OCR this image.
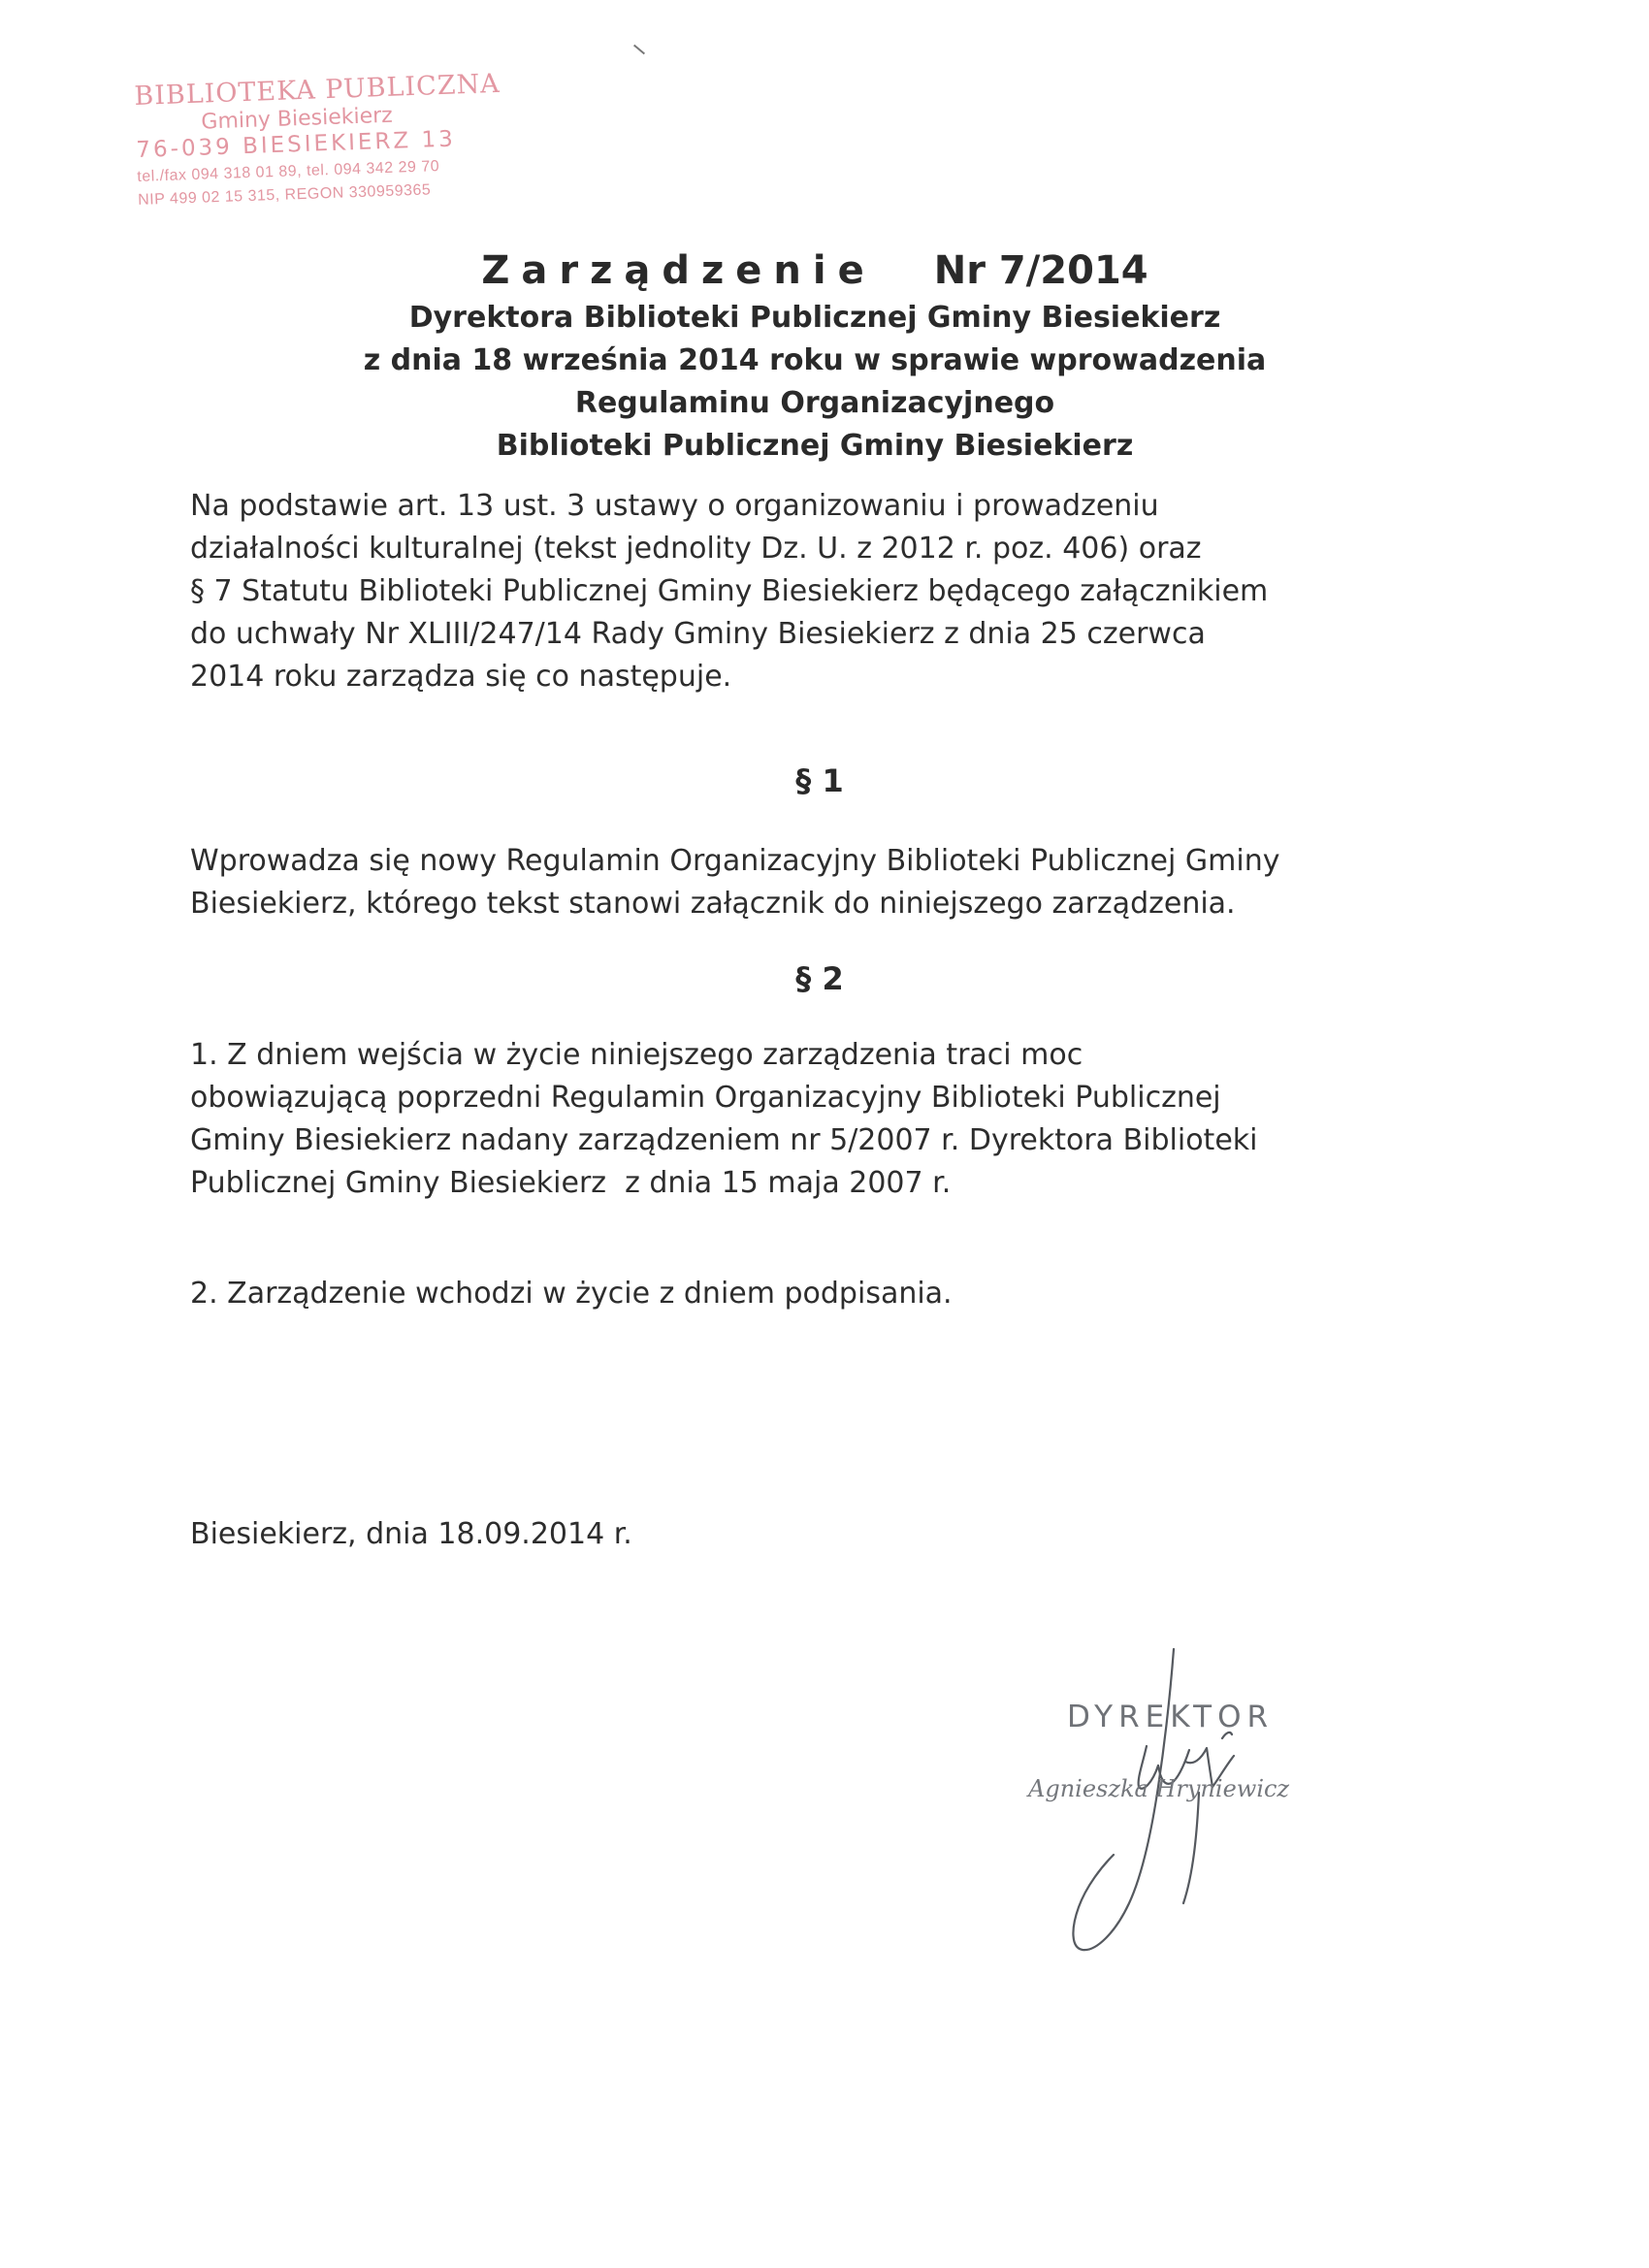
BIBLIOTEKA PUBLICZNA
Gminy Biesiekierz
76-039 BIESIEKIERZ 13
tel./fax 094 318 01 89, tel. 094 342 29 70
NIP 499 02 15 315, REGON 330959365
Zarządzenie Nr 7/2014
Dyrektora Biblioteki Publicznej Gminy Biesiekierz
z dnia 18 września 2014 roku w sprawie wprowadzenia
Regulaminu Organizacyjnego
Biblioteki Publicznej Gminy Biesiekierz
Na podstawie art. 13 ust. 3 ustawy o organizowaniu i prowadzeniu
działalności kulturalnej (tekst jednolity Dz. U. z 2012 r. poz. 406) oraz
§ 7 Statutu Biblioteki Publicznej Gminy Biesiekierz będącego załącznikiem
do uchwały Nr XLIII/247/14 Rady Gminy Biesiekierz z dnia 25 czerwca
2014 roku zarządza się co następuje.
§ 1
Wprowadza się nowy Regulamin Organizacyjny Biblioteki Publicznej Gminy
Biesiekierz, którego tekst stanowi załącznik do niniejszego zarządzenia.
§ 2
1. Z dniem wejścia w życie niniejszego zarządzenia traci moc
obowiązującą poprzedni Regulamin Organizacyjny Biblioteki Publicznej
Gminy Biesiekierz nadany zarządzeniem nr 5/2007 r. Dyrektora Biblioteki
Publicznej Gminy Biesiekierz  z dnia 15 maja 2007 r.
2. Zarządzenie wchodzi w życie z dniem podpisania.
Biesiekierz, dnia 18.09.2014 r.
DYREKTOR
Agnieszka Hryniewicz
